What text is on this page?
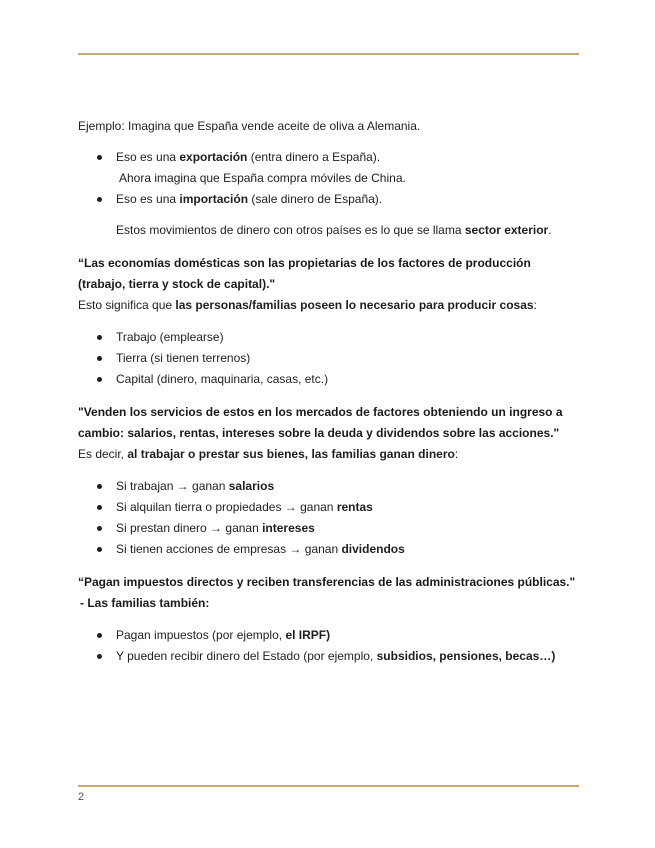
Ejemplo: Imagina que España vende aceite de oliva a Alemania.

Eso es una exportación (entra dinero a España).

Ahora imagina que España compra móviles de China.

Eso es una importación (sale dinero de España).

Estos movimientos de dinero con otros países es lo que se llama sector exterior.

“Las economías domésticas son las propietarias de los factores de producción (trabajo, tierra y stock de capital)."

Esto significa que las personas/familias poseen lo necesario para producir cosas:

Trabajo (emplearse)
Tierra (si tienen terrenos)
Capital (dinero, maquinaria, casas, etc.)

"Venden los servicios de estos en los mercados de factores obteniendo un ingreso a cambio: salarios, rentas, intereses sobre la deuda y dividendos sobre las acciones."

Es decir, al trabajar o prestar sus bienes, las familias ganan dinero:

Si trabajan → ganan salarios
Si alquilan tierra o propiedades → ganan rentas
Si prestan dinero → ganan intereses
Si tienen acciones de empresas → ganan dividendos

“Pagan impuestos directos y reciben transferencias de las administraciones públicas."

- Las familias también:

Pagan impuestos (por ejemplo, el IRPF)
Y pueden recibir dinero del Estado (por ejemplo, subsidios, pensiones, becas…)
2
